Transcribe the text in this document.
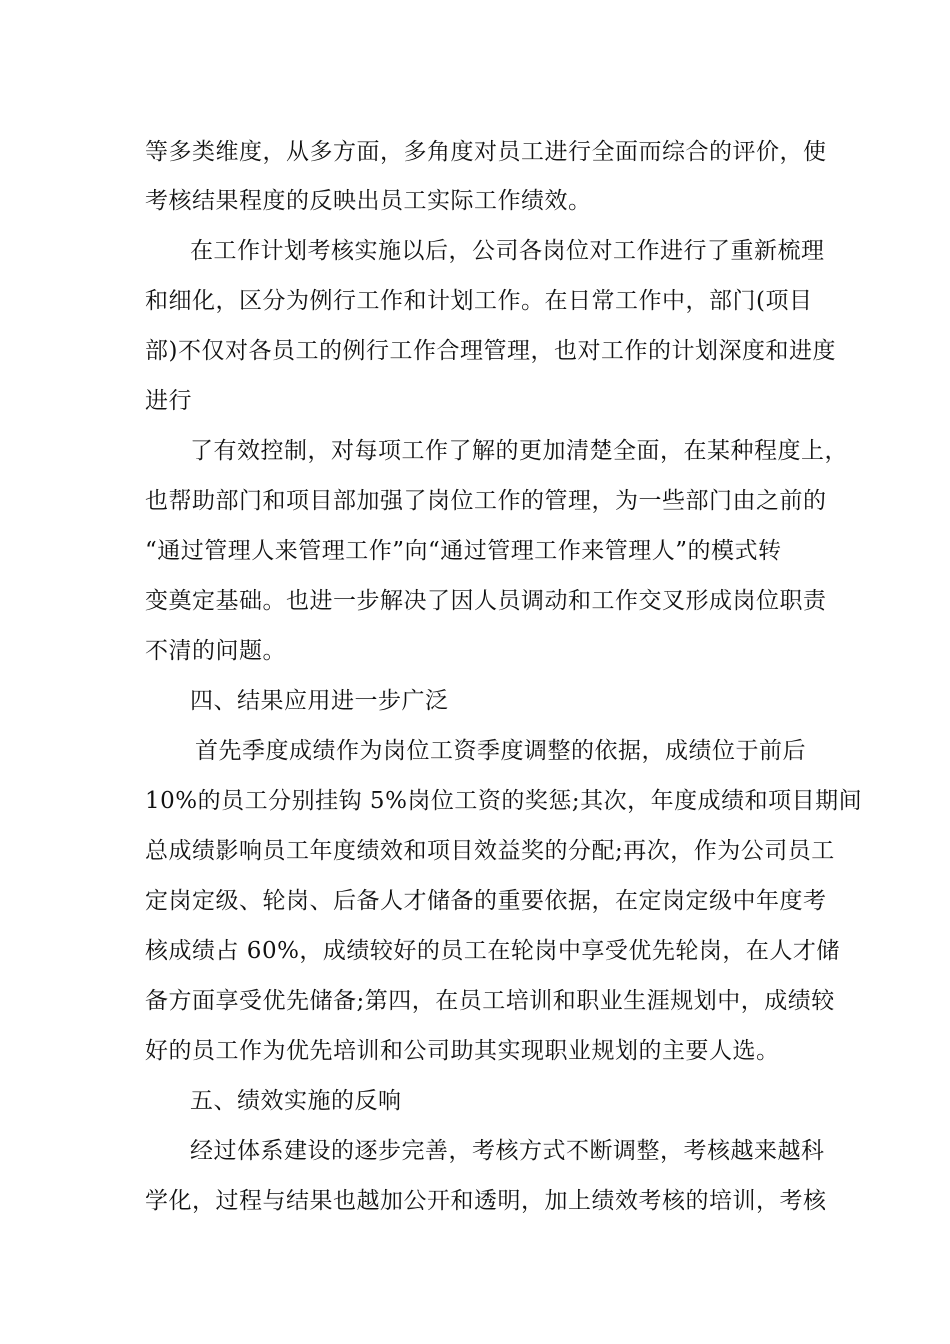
等多类维度，从多方面，多角度对员工进行全面而综合的评价，使

考核结果程度的反映出员工实际工作绩效。

在工作计划考核实施以后，公司各岗位对工作进行了重新梳理

和细化，区分为例行工作和计划工作。在日常工作中，部门(项目

部)不仅对各员工的例行工作合理管理，也对工作的计划深度和进度

进行

了有效控制，对每项工作了解的更加清楚全面，在某种程度上，

也帮助部门和项目部加强了岗位工作的管理，为一些部门由之前的

“通过管理人来管理工作”向“通过管理工作来管理人”的模式转

变奠定基础。也进一步解决了因人员调动和工作交叉形成岗位职责

不清的问题。

四、结果应用进一步广泛

首先季度成绩作为岗位工资季度调整的依据，成绩位于前后

10%的员工分别挂钩 5%岗位工资的奖惩;其次，年度成绩和项目期间

总成绩影响员工年度绩效和项目效益奖的分配;再次，作为公司员工

定岗定级、轮岗、后备人才储备的重要依据，在定岗定级中年度考

核成绩占 60%，成绩较好的员工在轮岗中享受优先轮岗，在人才储

备方面享受优先储备;第四，在员工培训和职业生涯规划中，成绩较

好的员工作为优先培训和公司助其实现职业规划的主要人选。

五、绩效实施的反响

经过体系建设的逐步完善，考核方式不断调整，考核越来越科

学化，过程与结果也越加公开和透明，加上绩效考核的培训，考核
